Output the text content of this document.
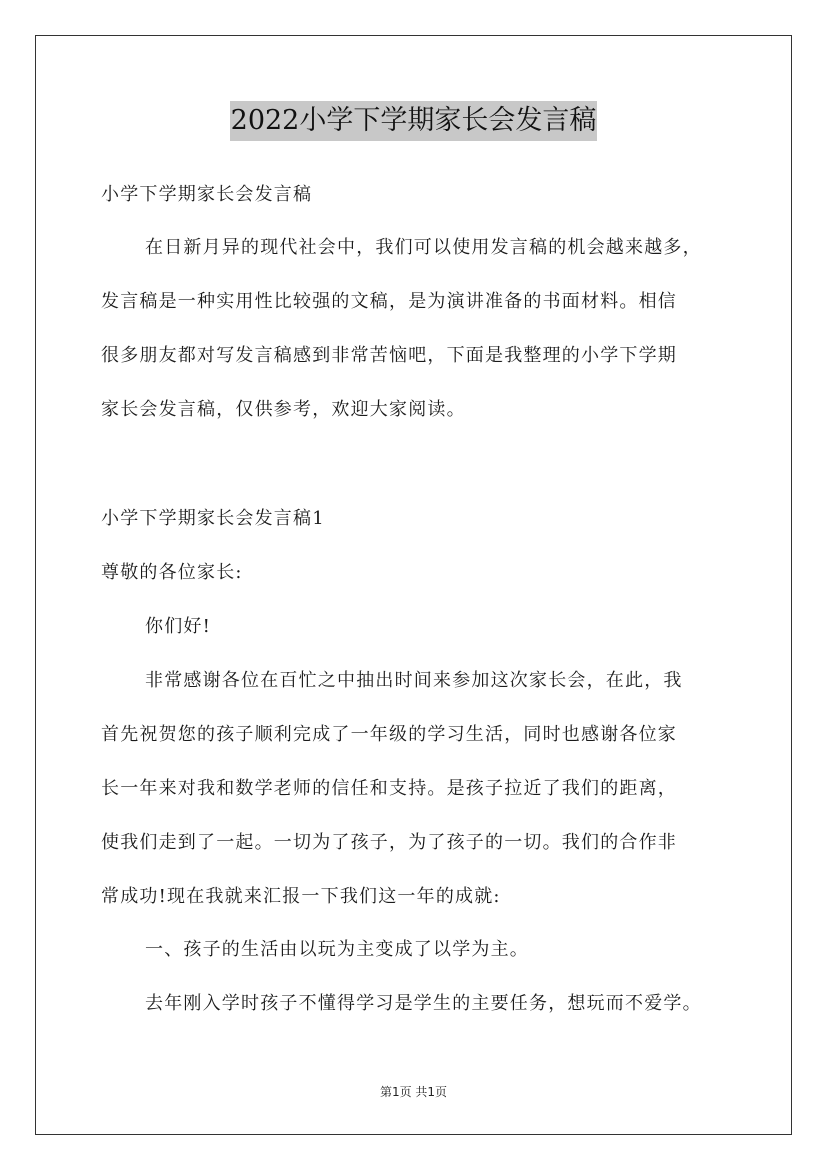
2022小学下学期家长会发言稿
小学下学期家长会发言稿
在日新月异的现代社会中，我们可以使用发言稿的机会越来越多，
发言稿是一种实用性比较强的文稿，是为演讲准备的书面材料。相信
很多朋友都对写发言稿感到非常苦恼吧，下面是我整理的小学下学期
家长会发言稿，仅供参考，欢迎大家阅读。
小学下学期家长会发言稿1
尊敬的各位家长:
你们好!
非常感谢各位在百忙之中抽出时间来参加这次家长会，在此，我
首先祝贺您的孩子顺利完成了一年级的学习生活，同时也感谢各位家
长一年来对我和数学老师的信任和支持。是孩子拉近了我们的距离，
使我们走到了一起。一切为了孩子，为了孩子的一切。我们的合作非
常成功!现在我就来汇报一下我们这一年的成就:
一、孩子的生活由以玩为主变成了以学为主。
去年刚入学时孩子不懂得学习是学生的主要任务，想玩而不爱学。
第1页 共1页
